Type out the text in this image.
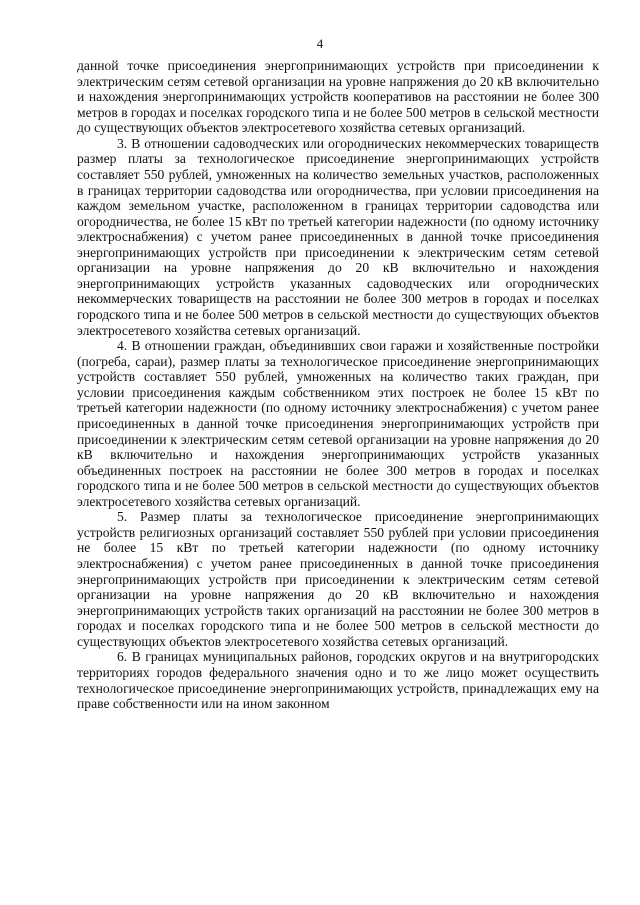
4

данной точке присоединения энергопринимающих устройств при присоединении к электрическим сетям сетевой организации на уровне напряжения до 20 кВ включительно и нахождения энергопринимающих устройств кооперативов на расстоянии не более 300 метров в городах и поселках городского типа и не более 500 метров в сельской местности до существующих объектов электросетевого хозяйства сетевых организаций.

3. В отношении садоводческих или огороднических некоммерческих товариществ размер платы за технологическое присоединение энергопринимающих устройств составляет 550 рублей, умноженных на количество земельных участков, расположенных в границах территории садоводства или огородничества, при условии присоединения на каждом земельном участке, расположенном в границах территории садоводства или огородничества, не более 15 кВт по третьей категории надежности (по одному источнику электроснабжения) с учетом ранее присоединенных в данной точке присоединения энергопринимающих устройств при присоединении к электрическим сетям сетевой организации на уровне напряжения до 20 кВ включительно и нахождения энергопринимающих устройств указанных садоводческих или огороднических некоммерческих товариществ на расстоянии не более 300 метров в городах и поселках городского типа и не более 500 метров в сельской местности до существующих объектов электросетевого хозяйства сетевых организаций.

4. В отношении граждан, объединивших свои гаражи и хозяйственные постройки (погреба, сараи), размер платы за технологическое присоединение энергопринимающих устройств составляет 550 рублей, умноженных на количество таких граждан, при условии присоединения каждым собственником этих построек не более 15 кВт по третьей категории надежности (по одному источнику электроснабжения) с учетом ранее присоединенных в данной точке присоединения энергопринимающих устройств при присоединении к электрическим сетям сетевой организации на уровне напряжения до 20 кВ включительно и нахождения энергопринимающих устройств указанных объединенных построек на расстоянии не более 300 метров в городах и поселках городского типа и не более 500 метров в сельской местности до существующих объектов электросетевого хозяйства сетевых организаций.

5. Размер платы за технологическое присоединение энергопринимающих устройств религиозных организаций составляет 550 рублей при условии присоединения не более 15 кВт по третьей категории надежности (по одному источнику электроснабжения) с учетом ранее присоединенных в данной точке присоединения энергопринимающих устройств при присоединении к электрическим сетям сетевой организации на уровне напряжения до 20 кВ включительно и нахождения энергопринимающих устройств таких организаций на расстоянии не более 300 метров в городах и поселках городского типа и не более 500 метров в сельской местности до существующих объектов электросетевого хозяйства сетевых организаций.

6. В границах муниципальных районов, городских округов и на внутригородских территориях городов федерального значения одно и то же лицо может осуществить технологическое присоединение энергопринимающих устройств, принадлежащих ему на праве собственности или на ином законном
